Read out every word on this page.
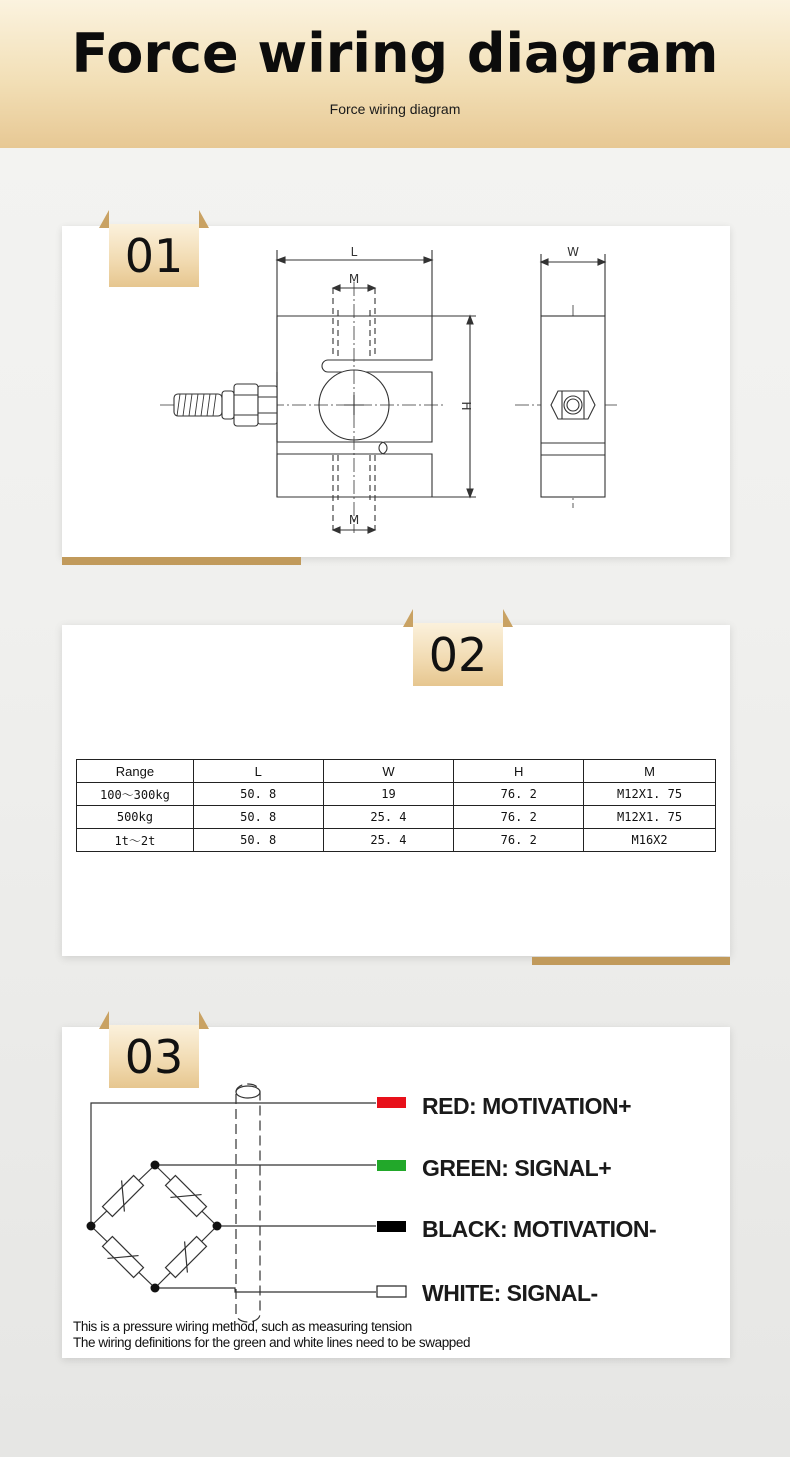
Force wiring diagram
Force wiring diagram
01	L
M
M
W
H
02
Range	L	W	H	M
100～300kg	50. 8	19	76. 2	M12X1. 75
500kg	50. 8	25. 4	76. 2	M12X1. 75
1t～2t	50. 8	25. 4	76. 2	M16X2
03
RED: MOTIVATION+
GREEN: SIGNAL+
BLACK: MOTIVATION-
WHITE: SIGNAL-
This is a pressure wiring method, such as measuring tension
The wiring definitions for the green and white lines need to be swapped
